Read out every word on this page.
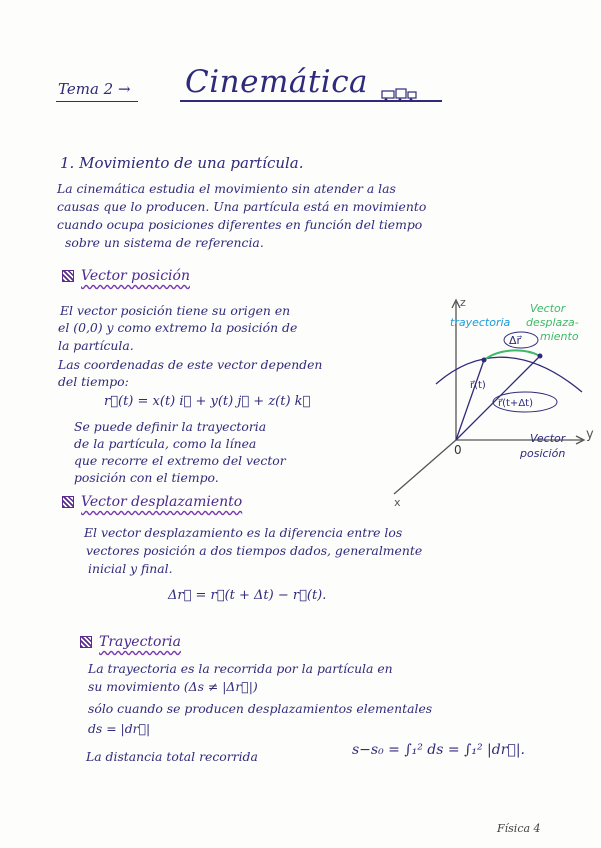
Tema 2 → Cinemática
1. Movimiento de una partícula.
La cinemática estudia el movimiento sin atender a las
causas que lo producen. Una partícula está en movimiento
cuando ocupa posiciones diferentes en función del tiempo
sobre un sistema de referencia.
Vector posición
El vector posición tiene su origen en
el (0,0) y como extremo la posición de
la partícula.
Las coordenadas de este vector dependen
del tiempo:
r⃗(t) = x(t) i⃗ + y(t) j⃗ + z(t) k⃗
Se puede definir la trayectoria
de la partícula, como la línea
que recorre el extremo del vector
posición con el tiempo.
z
y
x
0
trayectoria
Vector
desplaza-
miento
Δr⃗
r⃗(t)
r⃗(t+Δt)
Vector
posición
Vector desplazamiento
El vector desplazamiento es la diferencia entre los
vectores posición a dos tiempos dados, generalmente
inicial y final.
Δr⃗ = r⃗(t + Δt) − r⃗(t).
Trayectoria
La trayectoria es la recorrida por la partícula en
su movimiento (Δs ≠ |Δr⃗|)
sólo cuando se producen desplazamientos elementales
ds = |dr⃗|
La distancia total recorrida	s−s₀ = ∫₁² ds = ∫₁² |dr⃗|.
Física 4
